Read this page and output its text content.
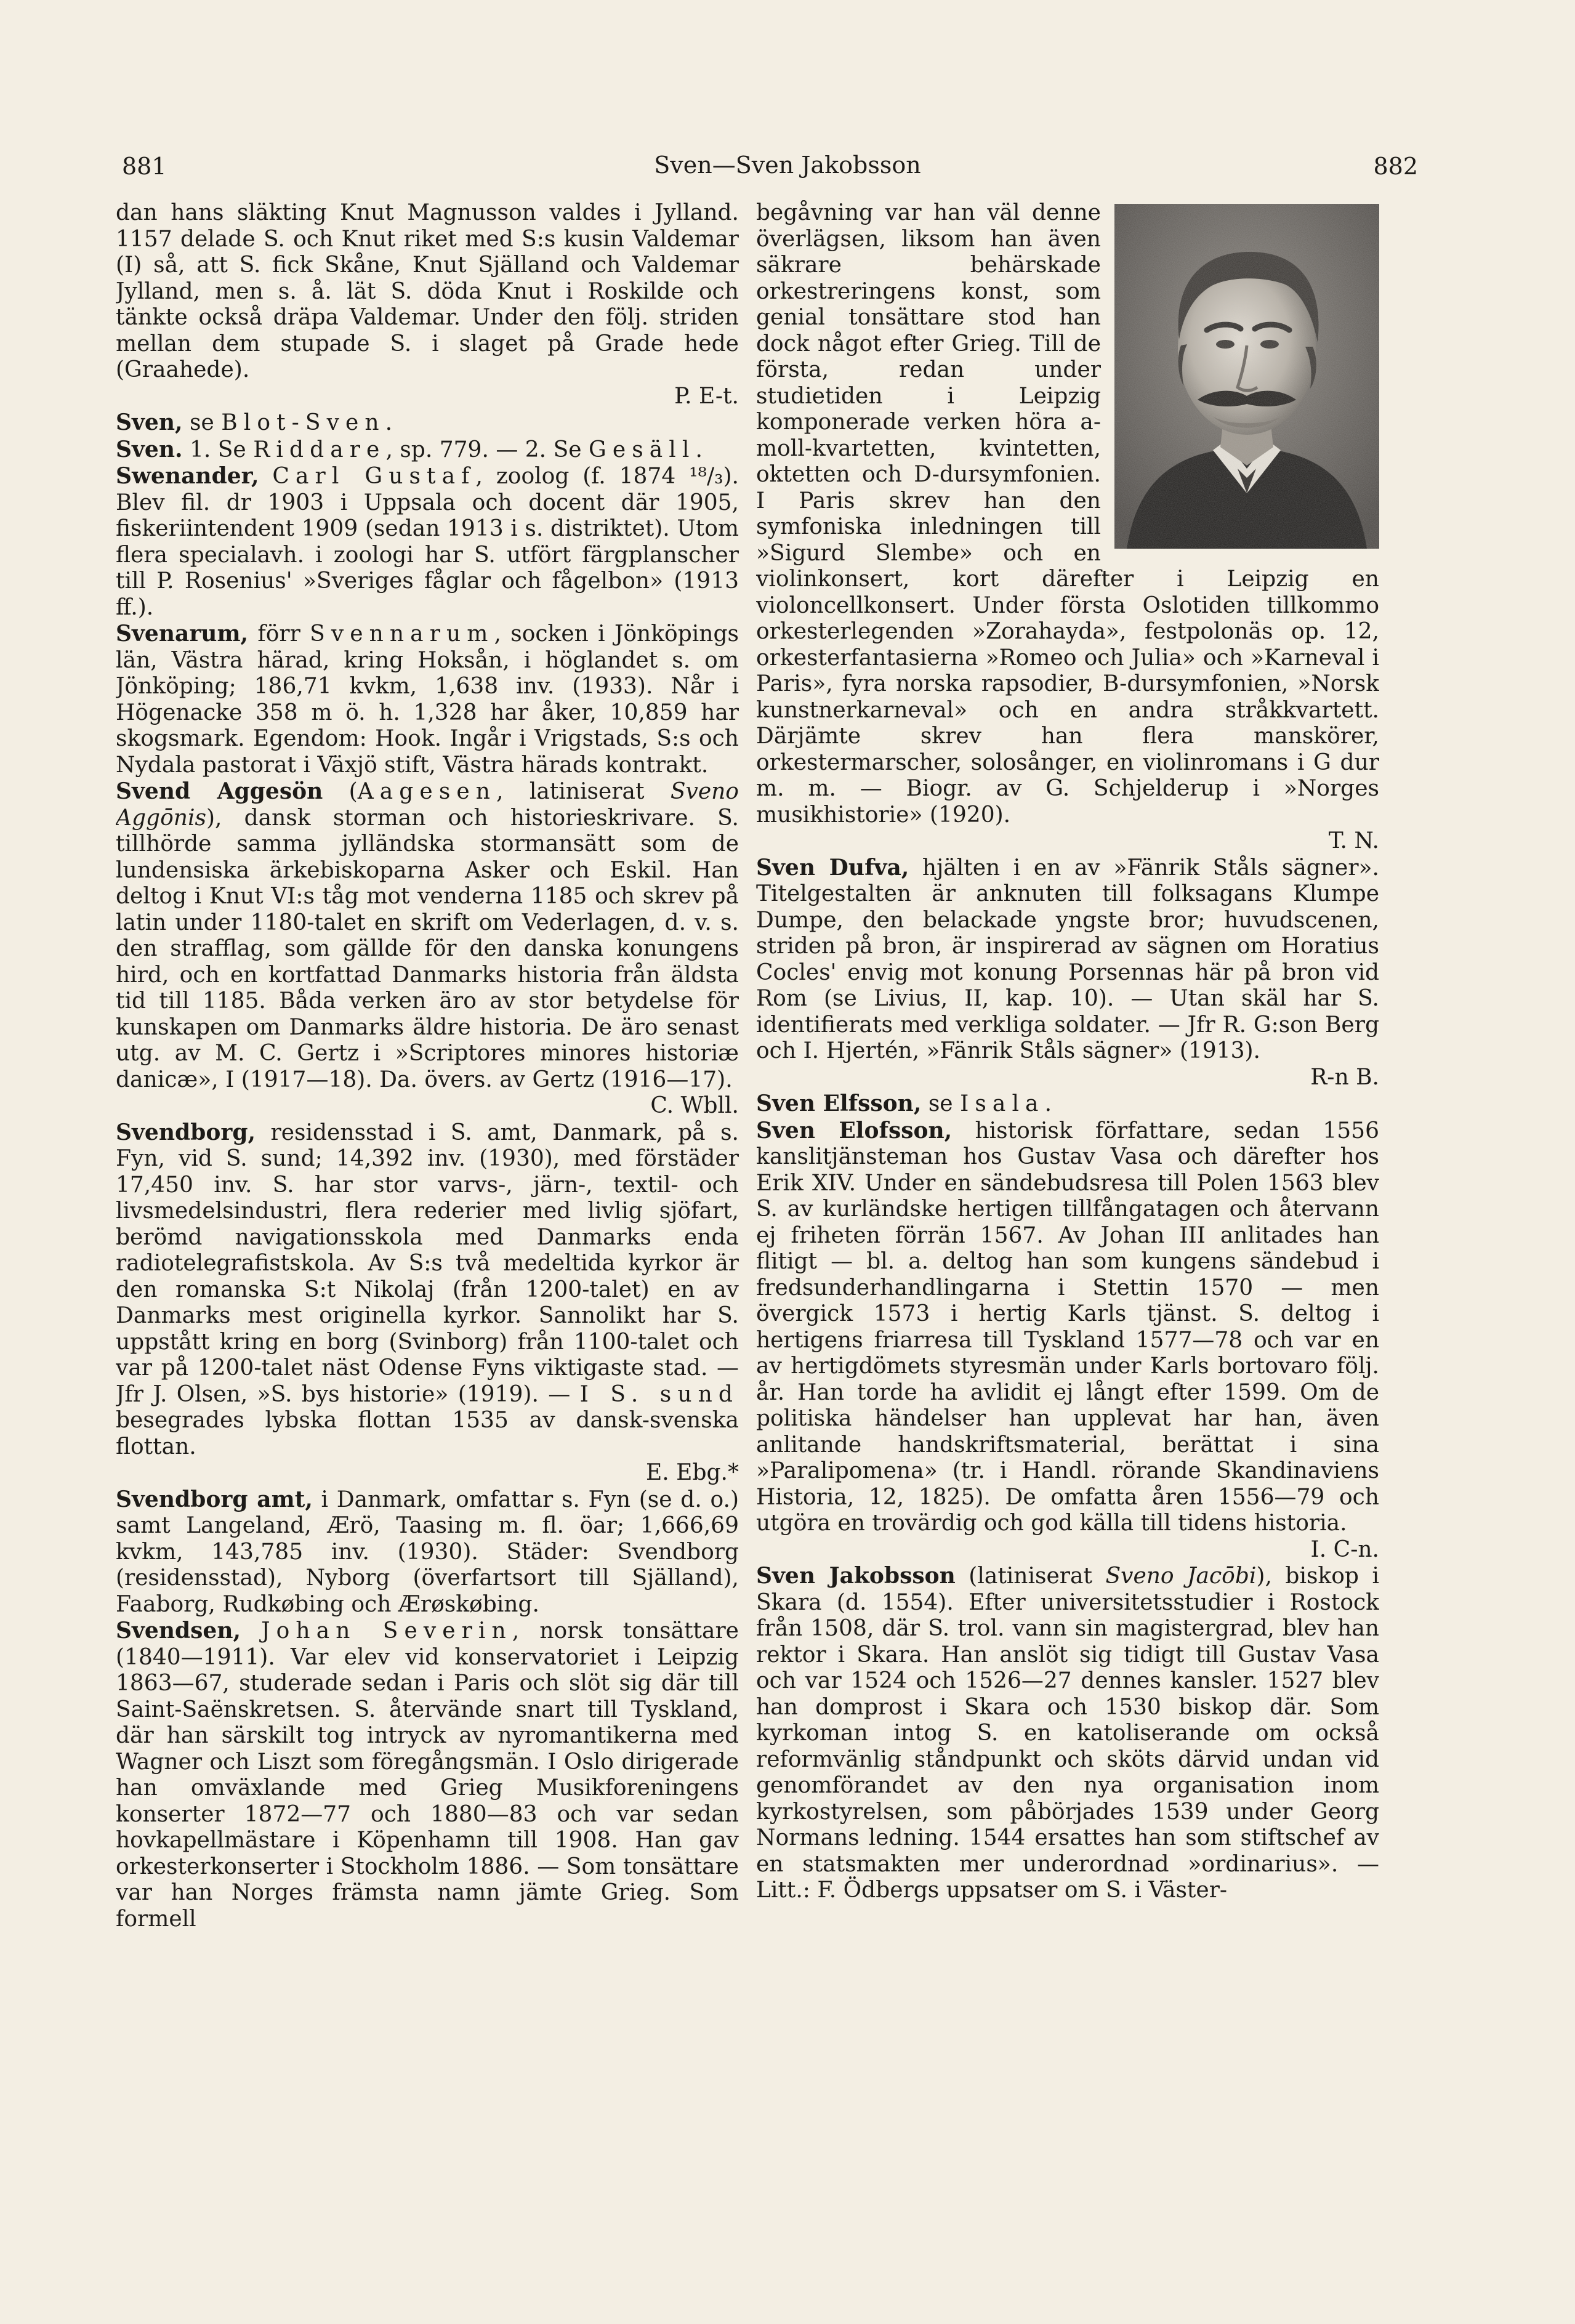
881	Sven—Sven Jakobsson	882

dan hans släkting Knut Magnusson valdes i Jylland. 1157 delade S. och Knut riket med S:s kusin Valdemar (I) så, att S. fick Skåne, Knut Själland och Valdemar Jylland, men s. å. lät S. döda Knut i Roskilde och tänkte också dräpa Valdemar. Under den följ. striden mellan dem stupade S. i slaget på Grade hede (Graahede).
P. E-t.

Sven, se Blot-Sven.

Sven. 1. Se Riddare, sp. 779. — 2. Se Gesäll.

Swenander, Carl Gustaf, zoolog (f. 1874 ¹⁸/₃). Blev fil. dr 1903 i Uppsala och docent där 1905, fiskeriintendent 1909 (sedan 1913 i s. distriktet). Utom flera specialavh. i zoologi har S. utfört färgplanscher till P. Rosenius' »Sveriges fåglar och fågelbon» (1913 ff.).

Svenarum, förr Svennarum, socken i Jönköpings län, Västra härad, kring Hoksån, i höglandet s. om Jönköping; 186,71 kvkm, 1,638 inv. (1933). Når i Högenacke 358 m ö. h. 1,328 har åker, 10,859 har skogsmark. Egendom: Hook. Ingår i Vrigstads, S:s och Nydala pastorat i Växjö stift, Västra härads kontrakt.

Svend Aggesön (Aagesen, latiniserat Sveno Aggōnis), dansk storman och historieskrivare. S. tillhörde samma jylländska stormansätt som de lundensiska ärkebiskoparna Asker och Eskil. Han deltog i Knut VI:s tåg mot venderna 1185 och skrev på latin under 1180-talet en skrift om Vederlagen, d. v. s. den strafflag, som gällde för den danska konungens hird, och en kortfattad Danmarks historia från äldsta tid till 1185. Båda verken äro av stor betydelse för kunskapen om Danmarks äldre historia. De äro senast utg. av M. C. Gertz i »Scriptores minores historiæ danicæ», I (1917—18). Da. övers. av Gertz (1916—17).
C. Wbll.

Svendborg, residensstad i S. amt, Danmark, på s. Fyn, vid S. sund; 14,392 inv. (1930), med förstäder 17,450 inv. S. har stor varvs-, järn-, textil- och livsmedelsindustri, flera rederier med livlig sjöfart, berömd navigationsskola med Danmarks enda radiotelegrafistskola. Av S:s två medeltida kyrkor är den romanska S:t Nikolaj (från 1200-talet) en av Danmarks mest originella kyrkor. Sannolikt har S. uppstått kring en borg (Svinborg) från 1100-talet och var på 1200-talet näst Odense Fyns viktigaste stad. — Jfr J. Olsen, »S. bys historie» (1919). — I S. sund besegrades lybska flottan 1535 av dansk-svenska flottan.
E. Ebg.*

Svendborg amt, i Danmark, omfattar s. Fyn (se d. o.) samt Langeland, Ærö, Taasing m. fl. öar; 1,666,69 kvkm, 143,785 inv. (1930). Städer: Svendborg (residensstad), Nyborg (överfartsort till Själland), Faaborg, Rudkøbing och Ærøskøbing.

Svendsen, Johan Severin, norsk tonsättare (1840—1911). Var elev vid konservatoriet i Leipzig 1863—67, studerade sedan i Paris och slöt sig där till Saint-Saënskretsen. S. återvände snart till Tyskland, där han särskilt tog intryck av nyromantikerna med Wagner och Liszt som föregångsmän. I Oslo dirigerade han omväxlande med Grieg Musikforeningens konserter 1872—77 och 1880—83 och var sedan hovkapellmästare i Köpenhamn till 1908. Han gav orkesterkonserter i Stockholm 1886. — Som tonsättare var han Norges främsta namn jämte Grieg. Som formell

begåvning var han väl denne överlägsen, liksom han även säkrare behärskade orkestreringens konst, som genial tonsättare stod han dock något efter Grieg. Till de första, redan under studietiden i Leipzig komponerade verken höra a-moll-kvartetten, kvintetten, oktetten och D-dursymfonien. I Paris skrev han den symfoniska inledningen till »Sigurd Slembe» och en violinkonsert, kort därefter i Leipzig en violoncellkonsert. Under första Oslotiden tillkommo orkesterlegenden »Zorahayda», festpolonäs op. 12, orkesterfantasierna »Romeo och Julia» och »Karneval i Paris», fyra norska rapsodier, B-dursymfonien, »Norsk kunstnerkarneval» och en andra stråkkvartett. Därjämte skrev han flera manskörer, orkestermarscher, solosånger, en violinromans i G dur m. m. — Biogr. av G. Schjelderup i »Norges musikhistorie» (1920).
T. N.

Sven Dufva, hjälten i en av »Fänrik Ståls sägner». Titelgestalten är anknuten till folksagans Klumpe Dumpe, den belackade yngste bror; huvudscenen, striden på bron, är inspirerad av sägnen om Horatius Cocles' envig mot konung Porsennas här på bron vid Rom (se Livius, II, kap. 10). — Utan skäl har S. identifierats med verkliga soldater. — Jfr R. G:son Berg och I. Hjertén, »Fänrik Ståls sägner» (1913).
R-n B.

Sven Elfsson, se Isala.

Sven Elofsson, historisk författare, sedan 1556 kanslitjänsteman hos Gustav Vasa och därefter hos Erik XIV. Under en sändebudsresa till Polen 1563 blev S. av kurländske hertigen tillfångatagen och återvann ej friheten förrän 1567. Av Johan III anlitades han flitigt — bl. a. deltog han som kungens sändebud i fredsunderhandlingarna i Stettin 1570 — men övergick 1573 i hertig Karls tjänst. S. deltog i hertigens friarresa till Tyskland 1577—78 och var en av hertigdömets styresmän under Karls bortovaro följ. år. Han torde ha avlidit ej långt efter 1599. Om de politiska händelser han upplevat har han, även anlitande handskriftsmaterial, berättat i sina »Paralipomena» (tr. i Handl. rörande Skandinaviens Historia, 12, 1825). De omfatta åren 1556—79 och utgöra en trovärdig och god källa till tidens historia.
I. C-n.

Sven Jakobsson (latiniserat Sveno Jacōbi), biskop i Skara (d. 1554). Efter universitetsstudier i Rostock från 1508, där S. trol. vann sin magistergrad, blev han rektor i Skara. Han anslöt sig tidigt till Gustav Vasa och var 1524 och 1526—27 dennes kansler. 1527 blev han domprost i Skara och 1530 biskop där. Som kyrkoman intog S. en katoliserande om också reformvänlig ståndpunkt och sköts därvid undan vid genomförandet av den nya organisation inom kyrkostyrelsen, som påbörjades 1539 under Georg Normans ledning. 1544 ersattes han som stiftschef av en statsmakten mer underordnad »ordinarius». — Litt.: F. Ödbergs uppsatser om S. i Väster-
